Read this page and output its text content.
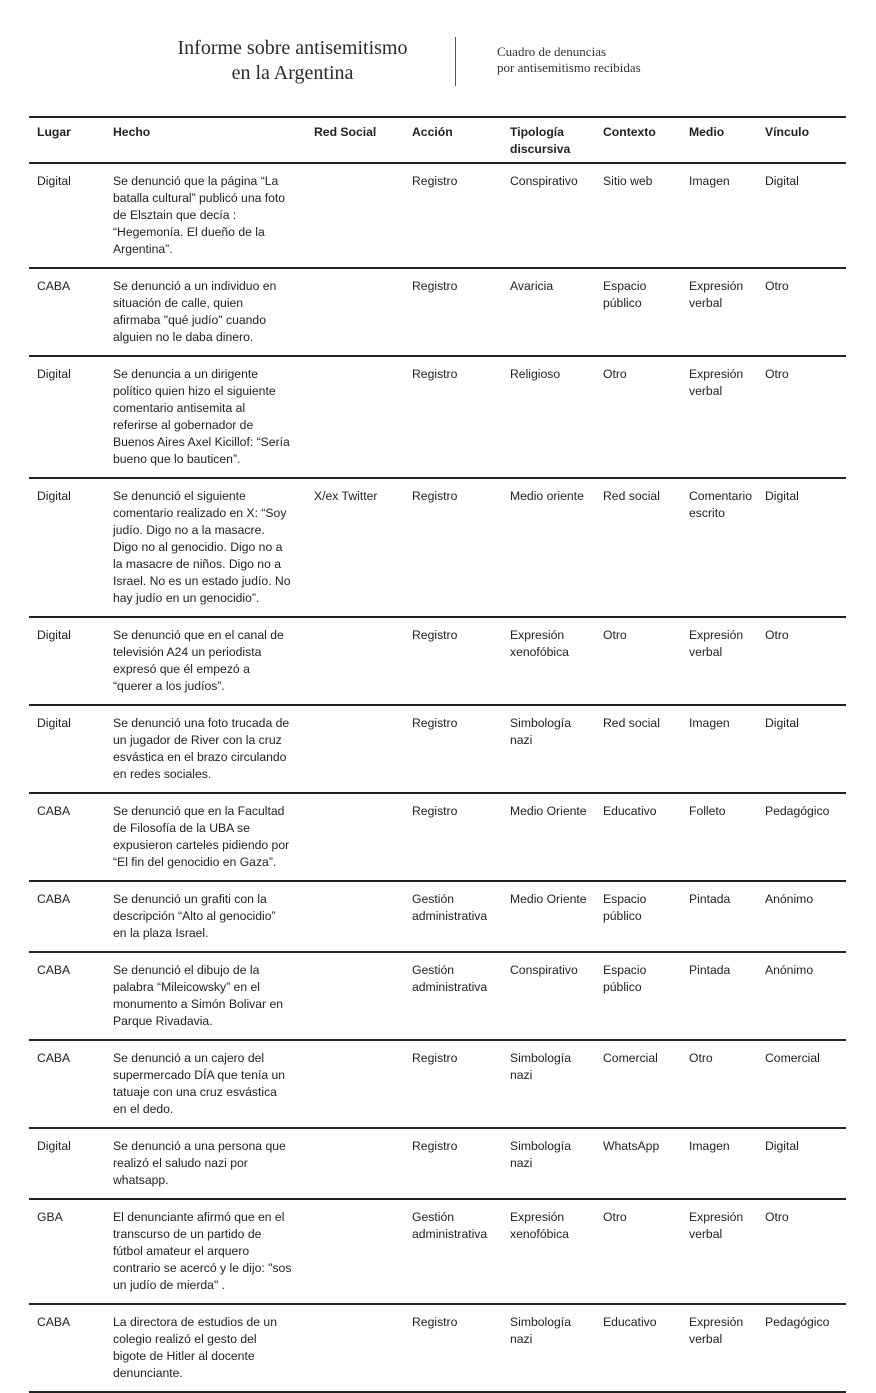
Informe sobre antisemitismo
en la Argentina
Cuadro de denuncias
por antisemitismo recibidas
Lugar	Hecho	Red Social	Acción	Tipología discursiva	Contexto	Medio	Vínculo
Digital	Se denunció que la página “La batalla cultural” publicó una foto de Elsztain que decía : “Hegemonía. El dueño de la Argentina”.		Registro	Conspirativo	Sitio web	Imagen	Digital
CABA	Se denunció a un individuo en situación de calle, quien afirmaba "qué judío" cuando alguien no le daba dinero.		Registro	Avaricia	Espacio público	Expresión verbal	Otro
Digital	Se denuncia a un dirigente político quien hizo el siguiente comentario antisemita al referirse al gobernador de Buenos Aires Axel Kicillof: “Sería bueno que lo bauticen”.		Registro	Religioso	Otro	Expresión verbal	Otro
Digital	Se denunció el siguiente comentario realizado en X: “Soy judío. Digo no a la masacre. Digo no al genocidio. Digo no a la masacre de niños. Digo no a Israel. No es un estado judío. No hay judío en un genocidio”.	X/ex Twitter	Registro	Medio oriente	Red social	Comentario escrito	Digital
Digital	Se denunció que en el canal de televisión A24 un periodista expresó que él empezó a “querer a los judíos”.		Registro	Expresión xenofóbica	Otro	Expresión verbal	Otro
Digital	Se denunció una foto trucada de un jugador de River con la cruz esvástica en el brazo circulando en redes sociales.		Registro	Simbología nazi	Red social	Imagen	Digital
CABA	Se denunció que en la Facultad de Filosofía de la UBA se expusieron carteles pidiendo por “El fin del genocidio en Gaza”.		Registro	Medio Oriente	Educativo	Folleto	Pedagógico
CABA	Se denunció un grafiti con la descripción “Alto al genocidio” en la plaza Israel.		Gestión administrativa	Medio Oriente	Espacio público	Pintada	Anónimo
CABA	Se denunció el dibujo de la palabra “Mileicowsky” en el monumento a Simón Bolivar en Parque Rivadavia.		Gestión administrativa	Conspirativo	Espacio público	Pintada	Anónimo
CABA	Se denunció a un cajero del supermercado DÍA que tenía un tatuaje con una cruz esvástica en el dedo.		Registro	Simbología nazi	Comercial	Otro	Comercial
Digital	Se denunció a una persona que realizó el saludo nazi por whatsapp.		Registro	Simbología nazi	WhatsApp	Imagen	Digital
GBA	El denunciante afirmó que en el transcurso de un partido de fútbol amateur el arquero contrario se acercó y le dijo: "sos un judío de mierda" .		Gestión administrativa	Expresión xenofóbica	Otro	Expresión verbal	Otro
CABA	La directora de estudios de un colegio realizó el gesto del bigote de Hitler al docente denunciante.		Registro	Simbología nazi	Educativo	Expresión verbal	Pedagógico
